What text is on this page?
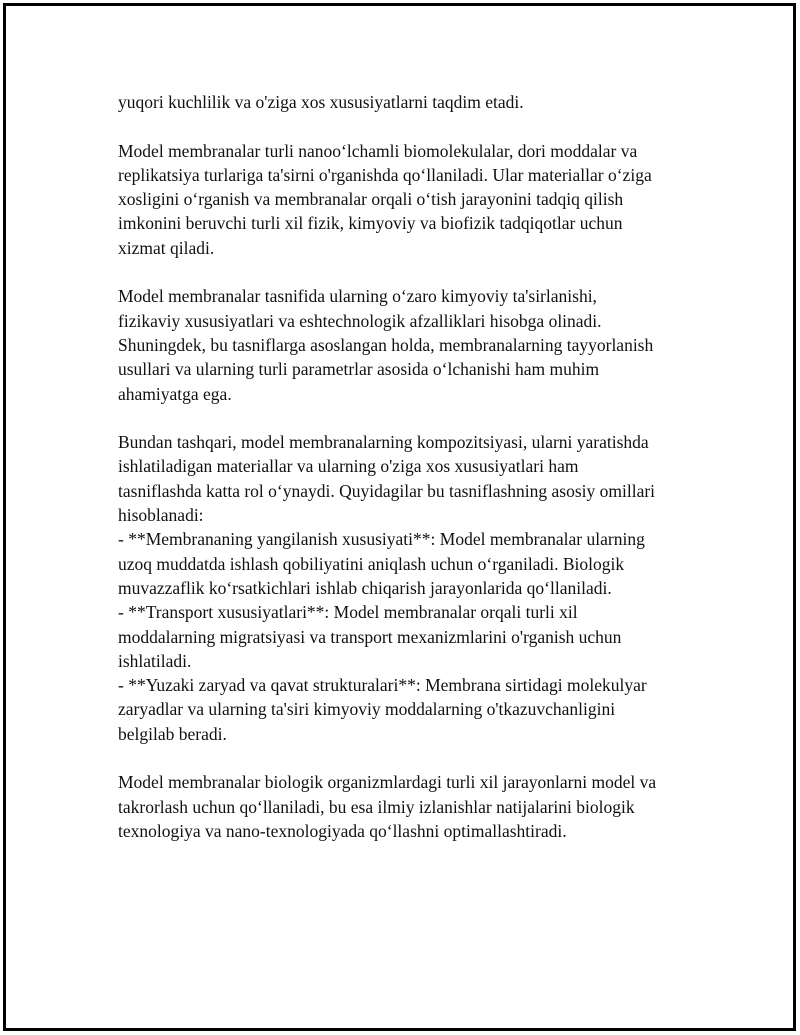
yuqori kuchlilik va o'ziga xos xususiyatlarni taqdim etadi.

Model membranalar turli nanoo‘lchamli biomolekulalar, dori moddalar va
replikatsiya turlariga ta'sirni o'rganishda qo‘llaniladi. Ular materiallar o‘ziga
xosligini o‘rganish va membranalar orqali o‘tish jarayonini tadqiq qilish
imkonini beruvchi turli xil fizik, kimyoviy va biofizik tadqiqotlar uchun
xizmat qiladi.

Model membranalar tasnifida ularning o‘zaro kimyoviy ta'sirlanishi,
fizikaviy xususiyatlari va eshtechnologik afzalliklari hisobga olinadi.
Shuningdek, bu tasniflarga asoslangan holda, membranalarning tayyorlanish
usullari va ularning turli parametrlar asosida o‘lchanishi ham muhim
ahamiyatga ega.

Bundan tashqari, model membranalarning kompozitsiyasi, ularni yaratishda
ishlatiladigan materiallar va ularning o'ziga xos xususiyatlari ham
tasniflashda katta rol o‘ynaydi. Quyidagilar bu tasniflashning asosiy omillari
hisoblanadi:
- **Membrananing yangilanish xususiyati**: Model membranalar ularning
uzoq muddatda ishlash qobiliyatini aniqlash uchun o‘rganiladi. Biologik
muvazzaflik ko‘rsatkichlari ishlab chiqarish jarayonlarida qo‘llaniladi.
- **Transport xususiyatlari**: Model membranalar orqali turli xil
moddalarning migratsiyasi va transport mexanizmlarini o'rganish uchun
ishlatiladi.
- **Yuzaki zaryad va qavat strukturalari**: Membrana sirtidagi molekulyar
zaryadlar va ularning ta'siri kimyoviy moddalarning o'tkazuvchanligini
belgilab beradi.

Model membranalar biologik organizmlardagi turli xil jarayonlarni model va
takrorlash uchun qo‘llaniladi, bu esa ilmiy izlanishlar natijalarini biologik
texnologiya va nano-texnologiyada qo‘llashni optimallashtiradi.
